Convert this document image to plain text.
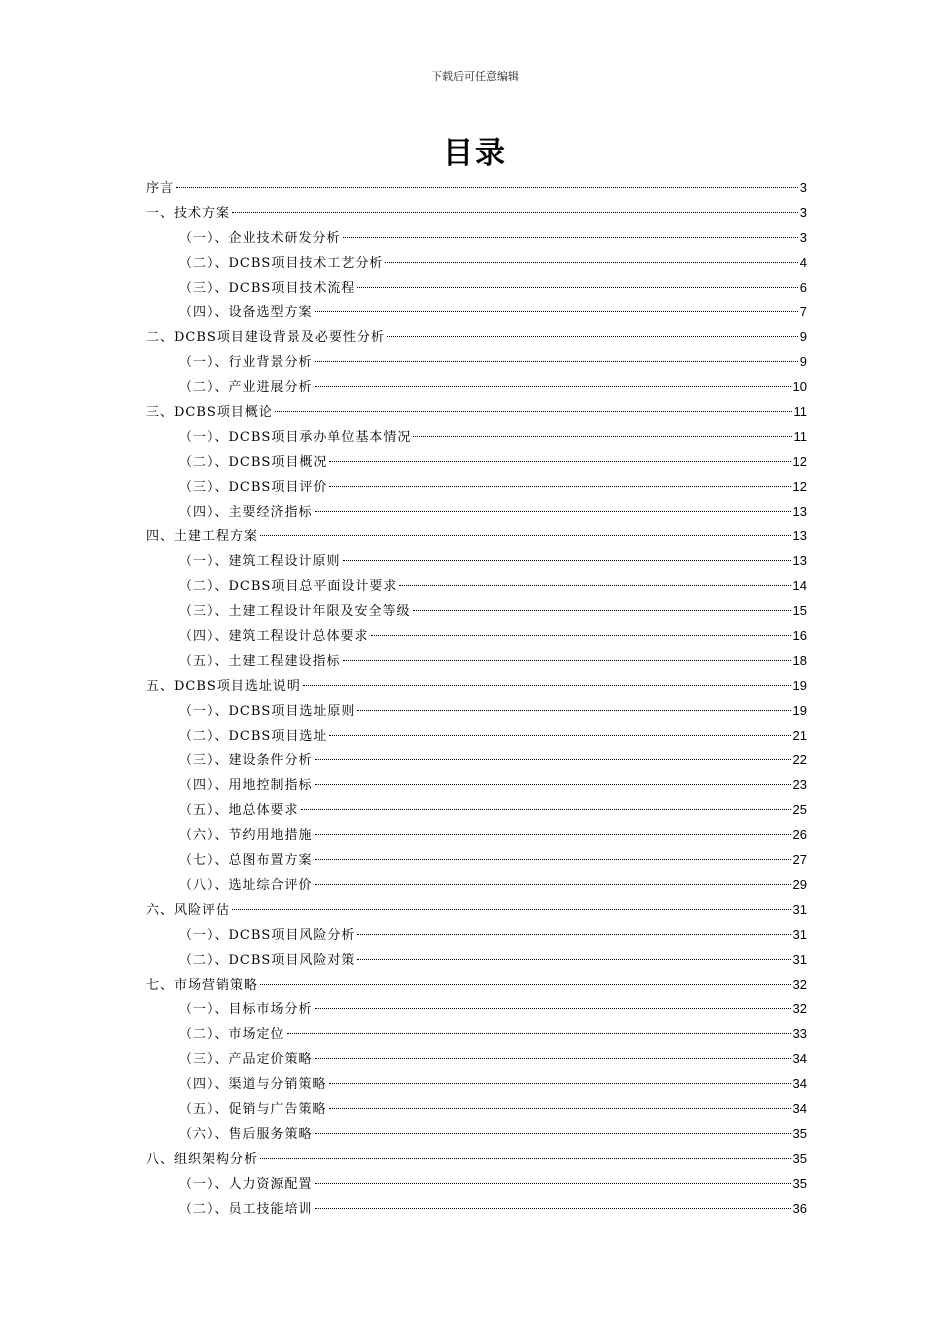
下载后可任意编辑
目录
序言	3
一、技术方案	3
（一）、企业技术研发分析	3
（二）、DCBS项目技术工艺分析	4
（三）、DCBS项目技术流程	6
（四）、设备选型方案	7
二、DCBS项目建设背景及必要性分析	9
（一）、行业背景分析	9
（二）、产业进展分析	10
三、DCBS项目概论	11
（一）、DCBS项目承办单位基本情况	11
（二）、DCBS项目概况	12
（三）、DCBS项目评价	12
（四）、主要经济指标	13
四、土建工程方案	13
（一）、建筑工程设计原则	13
（二）、DCBS项目总平面设计要求	14
（三）、土建工程设计年限及安全等级	15
（四）、建筑工程设计总体要求	16
（五）、土建工程建设指标	18
五、DCBS项目选址说明	19
（一）、DCBS项目选址原则	19
（二）、DCBS项目选址	21
（三）、建设条件分析	22
（四）、用地控制指标	23
（五）、地总体要求	25
（六）、节约用地措施	26
（七）、总图布置方案	27
（八）、选址综合评价	29
六、风险评估	31
（一）、DCBS项目风险分析	31
（二）、DCBS项目风险对策	31
七、市场营销策略	32
（一）、目标市场分析	32
（二）、市场定位	33
（三）、产品定价策略	34
（四）、渠道与分销策略	34
（五）、促销与广告策略	34
（六）、售后服务策略	35
八、组织架构分析	35
（一）、人力资源配置	35
（二）、员工技能培训	36
